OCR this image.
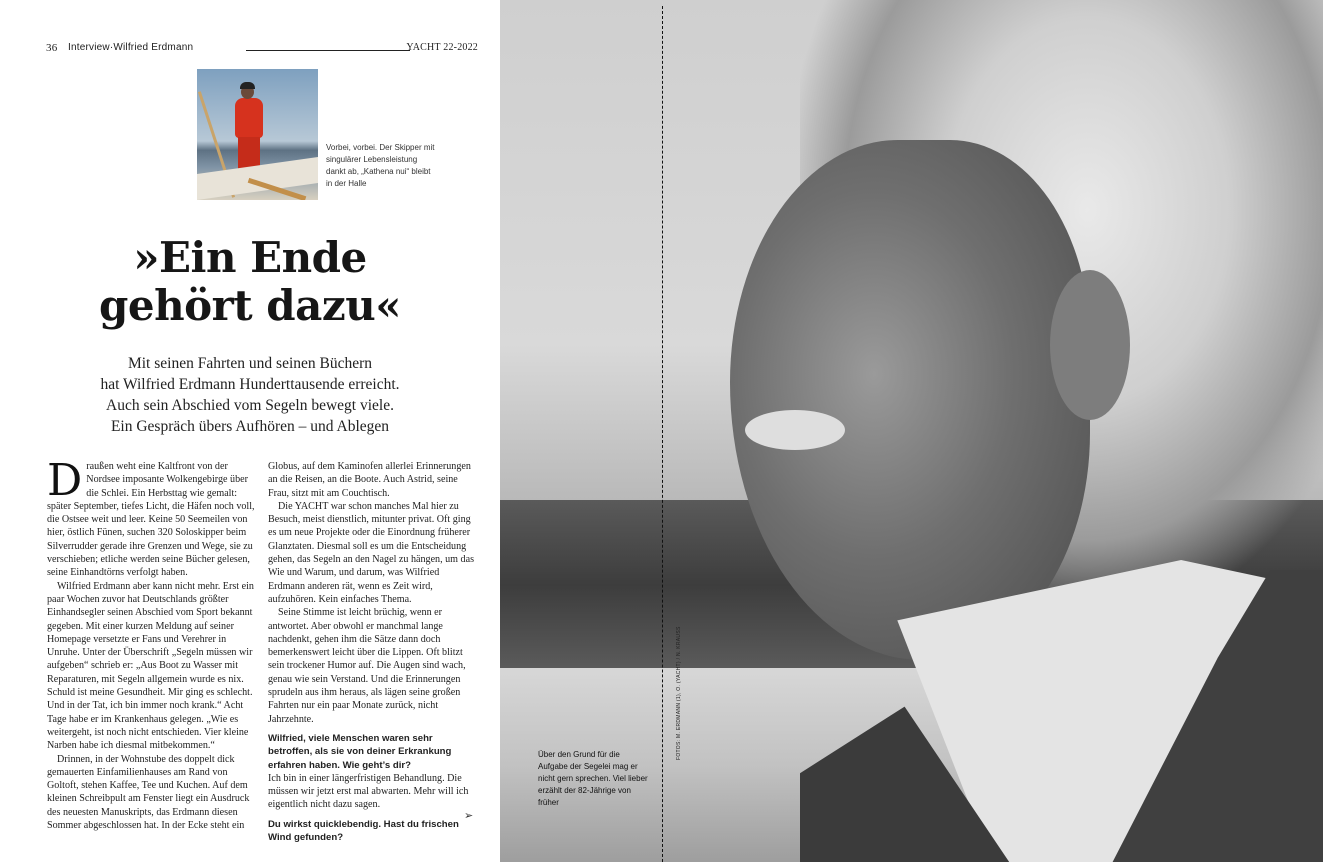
36 Interview·Wilfried Erdmann	YACHT 22-2022
Vorbei, vorbei. Der Skipper mit singulärer Lebensleistung dankt ab, „Kathena nui“ bleibt in der Halle
»Ein Ende
gehört dazu«
Mit seinen Fahrten und seinen Büchern
hat Wilfried Erdmann Hunderttausende erreicht.
Auch sein Abschied vom Segeln bewegt viele.
Ein Gespräch übers Aufhören – und Ablegen

Draußen weht eine Kaltfront von der Nordsee imposante Wolkengebirge über die Schlei. Ein Herbsttag wie gemalt: später September, tiefes Licht, die Häfen noch voll, die Ostsee weit und leer. Keine 50 Seemeilen von hier, östlich Fünen, suchen 320 Soloskipper beim Silverrudder gerade ihre Grenzen und Wege, sie zu verschieben; etliche werden seine Bücher gelesen, seine Einhandtörns verfolgt haben.

Wilfried Erdmann aber kann nicht mehr. Erst ein paar Wochen zuvor hat Deutschlands größter Einhandsegler seinen Abschied vom Sport bekannt gegeben. Mit einer kurzen Meldung auf seiner Homepage versetzte er Fans und Verehrer in Unruhe. Unter der Überschrift „Segeln müssen wir aufgeben“ schrieb er: „Aus Boot zu Wasser mit Reparaturen, mit Segeln allgemein wurde es nix. Schuld ist meine Gesundheit. Mir ging es schlecht. Und in der Tat, ich bin immer noch krank.“ Acht Tage habe er im Krankenhaus gelegen. „Wie es weitergeht, ist noch nicht entschieden. Vier kleine Narben habe ich diesmal mitbekommen.“

Drinnen, in der Wohnstube des doppelt dick gemauerten Einfamilienhauses am Rand von Goltoft, stehen Kaffee, Tee und Kuchen. Auf dem kleinen Schreibpult am Fenster liegt ein Ausdruck des neuesten Manuskripts, das Erdmann diesen Sommer abgeschlossen hat. In der Ecke steht ein

Globus, auf dem Kaminofen allerlei Erinnerungen an die Reisen, an die Boote. Auch Astrid, seine Frau, sitzt mit am Couchtisch.

Die YACHT war schon manches Mal hier zu Besuch, meist dienstlich, mitunter privat. Oft ging es um neue Projekte oder die Einordnung früherer Glanztaten. Diesmal soll es um die Entscheidung gehen, das Segeln an den Nagel zu hängen, um das Wie und Warum, und darum, was Wilfried Erdmann anderen rät, wenn es Zeit wird, aufzuhören. Kein einfaches Thema.

Seine Stimme ist leicht brüchig, wenn er antwortet. Aber obwohl er manchmal lange nachdenkt, gehen ihm die Sätze dann doch bemerkenswert leicht über die Lippen. Oft blitzt sein trockener Humor auf. Die Augen sind wach, genau wie sein Verstand. Und die Erinnerungen sprudeln aus ihm heraus, als lägen seine großen Fahrten nur ein paar Monate zurück, nicht Jahrzehnte.

Wilfried, viele Menschen waren sehr betroffen, als sie von deiner Erkrankung erfahren haben. Wie geht’s dir?

Ich bin in einer längerfristigen Behandlung. Die müssen wir jetzt erst mal abwarten. Mehr will ich eigentlich nicht dazu sagen.

Du wirkst quicklebendig. Hast du frischen Wind gefunden?
➢
Über den Grund für die Aufgabe der Segelei mag er nicht gern sprechen. Viel lieber erzählt der 82-Jährige von früher
FOTOS: M. ERDMANN (1), O. (YACHT) / N. KRAUSS
